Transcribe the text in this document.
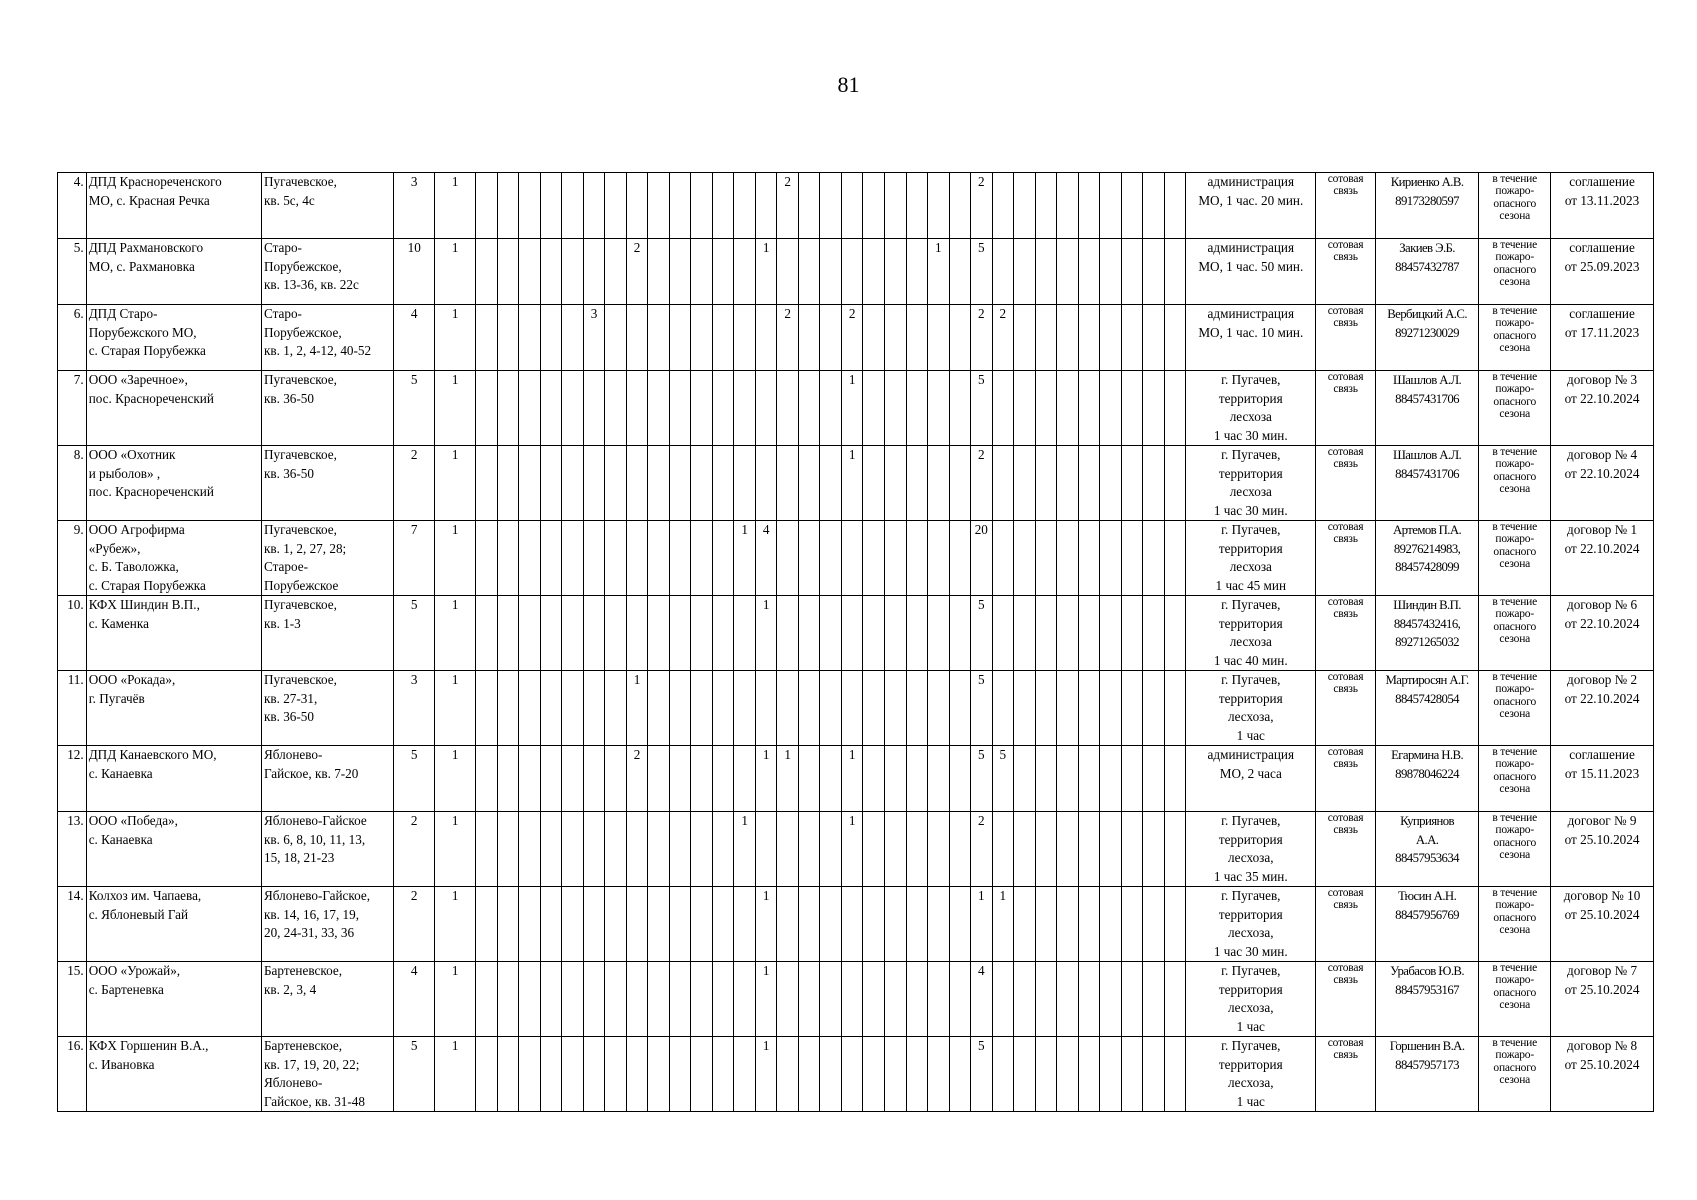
81
4.	ДПД Краснореченского
МО, с. Красная Речка	Пугачевское,
кв. 5с, 4с	3	1															2									2										администрация
МО, 1 час. 20 мин.	сотовая
связь	Кириенко А.В.
89173280597	в течение
пожаро-
опасного
сезона	соглашение
от 13.11.2023
5.	ДПД Рахмановского
МО, с. Рахмановка	Старо-
Порубежское,
кв. 13-36, кв. 22с	10	1								2						1								1		5										администрация
МО, 1 час. 50 мин.	сотовая
связь	Закиев Э.Б.
88457432787	в течение
пожаро-
опасного
сезона	соглашение
от 25.09.2023
6.	ДПД Старо-
Порубежского МО,
с. Старая Порубежка	Старо-
Порубежское,
кв. 1, 2, 4-12, 40-52	4	1						3									2			2						2	2									администрация
МО, 1 час. 10 мин.	сотовая
связь	Вербицкий А.С.
89271230029	в течение
пожаро-
опасного
сезона	соглашение
от 17.11.2023
7.	ООО «Заречное»,
пос. Краснореченский	Пугачевское,
кв. 36-50	5	1																		1						5										г. Пугачев,
территория
лесхоза
1 час 30 мин.	сотовая
связь	Шашлов А.Л.
88457431706	в течение
пожаро-
опасного
сезона	договор № 3
от 22.10.2024
8.	ООО «Охотник
и рыболов» ,
пос. Краснореченский	Пугачевское,
кв. 36-50	2	1																		1						2										г. Пугачев,
территория
лесхоза
1 час 30 мин.	сотовая
связь	Шашлов А.Л.
88457431706	в течение
пожаро-
опасного
сезона	договор № 4
от 22.10.2024
9.	ООО Агрофирма
«Рубеж»,
с. Б. Таволожка,
с. Старая Порубежка	Пугачевское,
кв. 1, 2, 27, 28;
Старое-
Порубежское	7	1													1	4										20										г. Пугачев,
территория
лесхоза
1 час 45 мин	сотовая
связь	Артемов П.А.
89276214983,
88457428099	в течение
пожаро-
опасного
сезона	договор № 1
от 22.10.2024
10.	КФХ Шиндин В.П.,
с. Каменка	Пугачевское,
кв. 1-3	5	1														1										5										г. Пугачев,
территория
лесхоза
1 час 40 мин.	сотовая
связь	Шиндин В.П.
88457432416,
89271265032	в течение
пожаро-
опасного
сезона	договор № 6
от 22.10.2024
11.	ООО «Рокада»,
г. Пугачёв	Пугачевское,
кв. 27-31,
кв. 36-50	3	1								1																5										г. Пугачев,
территория
лесхоза,
1 час	сотовая
связь	Мартиросян А.Г.
88457428054	в течение
пожаро-
опасного
сезона	договор № 2
от 22.10.2024
12.	ДПД Канаевского МО,
с. Канаевка	Яблонево-
Гайское, кв. 7-20	5	1								2						1	1			1						5	5									администрация
МО, 2 часа	сотовая
связь	Егармина Н.В.
89878046224	в течение
пожаро-
опасного
сезона	соглашение
от 15.11.2023
13.	ООО «Победа»,
с. Канаевка	Яблонево-Гайское
кв. 6, 8, 10, 11, 13,
15, 18, 21-23	2	1													1					1						2										г. Пугачев,
территория
лесхоза,
1 час 35 мин.	сотовая
связь	Куприянов
А.А.
88457953634	в течение
пожаро-
опасного
сезона	договог № 9
от 25.10.2024
14.	Колхоз им. Чапаева,
с. Яблоневый Гай	Яблонево-Гайское,
кв. 14, 16, 17, 19,
20, 24-31, 33, 36	2	1														1										1	1									г. Пугачев,
территория
лесхоза,
1 час 30 мин.	сотовая
связь	Тюсин А.Н.
88457956769	в течение
пожаро-
опасного
сезона	договор № 10
от 25.10.2024
15.	ООО «Урожай»,
с. Бартеневка	Бартеневское,
кв. 2, 3, 4	4	1														1										4										г. Пугачев,
территория
лесхоза,
1 час	сотовая
связь	Урабасов Ю.В.
88457953167	в течение
пожаро-
опасного
сезона	договор № 7
от 25.10.2024
16.	КФХ Горшенин В.А.,
с. Ивановка	Бартеневское,
кв. 17, 19, 20, 22;
Яблонево-
Гайское, кв. 31-48	5	1														1										5										г. Пугачев,
территория
лесхоза,
1 час	сотовая
связь	Горшенин В.А.
88457957173	в течение
пожаро-
опасного
сезона	договор № 8
от 25.10.2024
